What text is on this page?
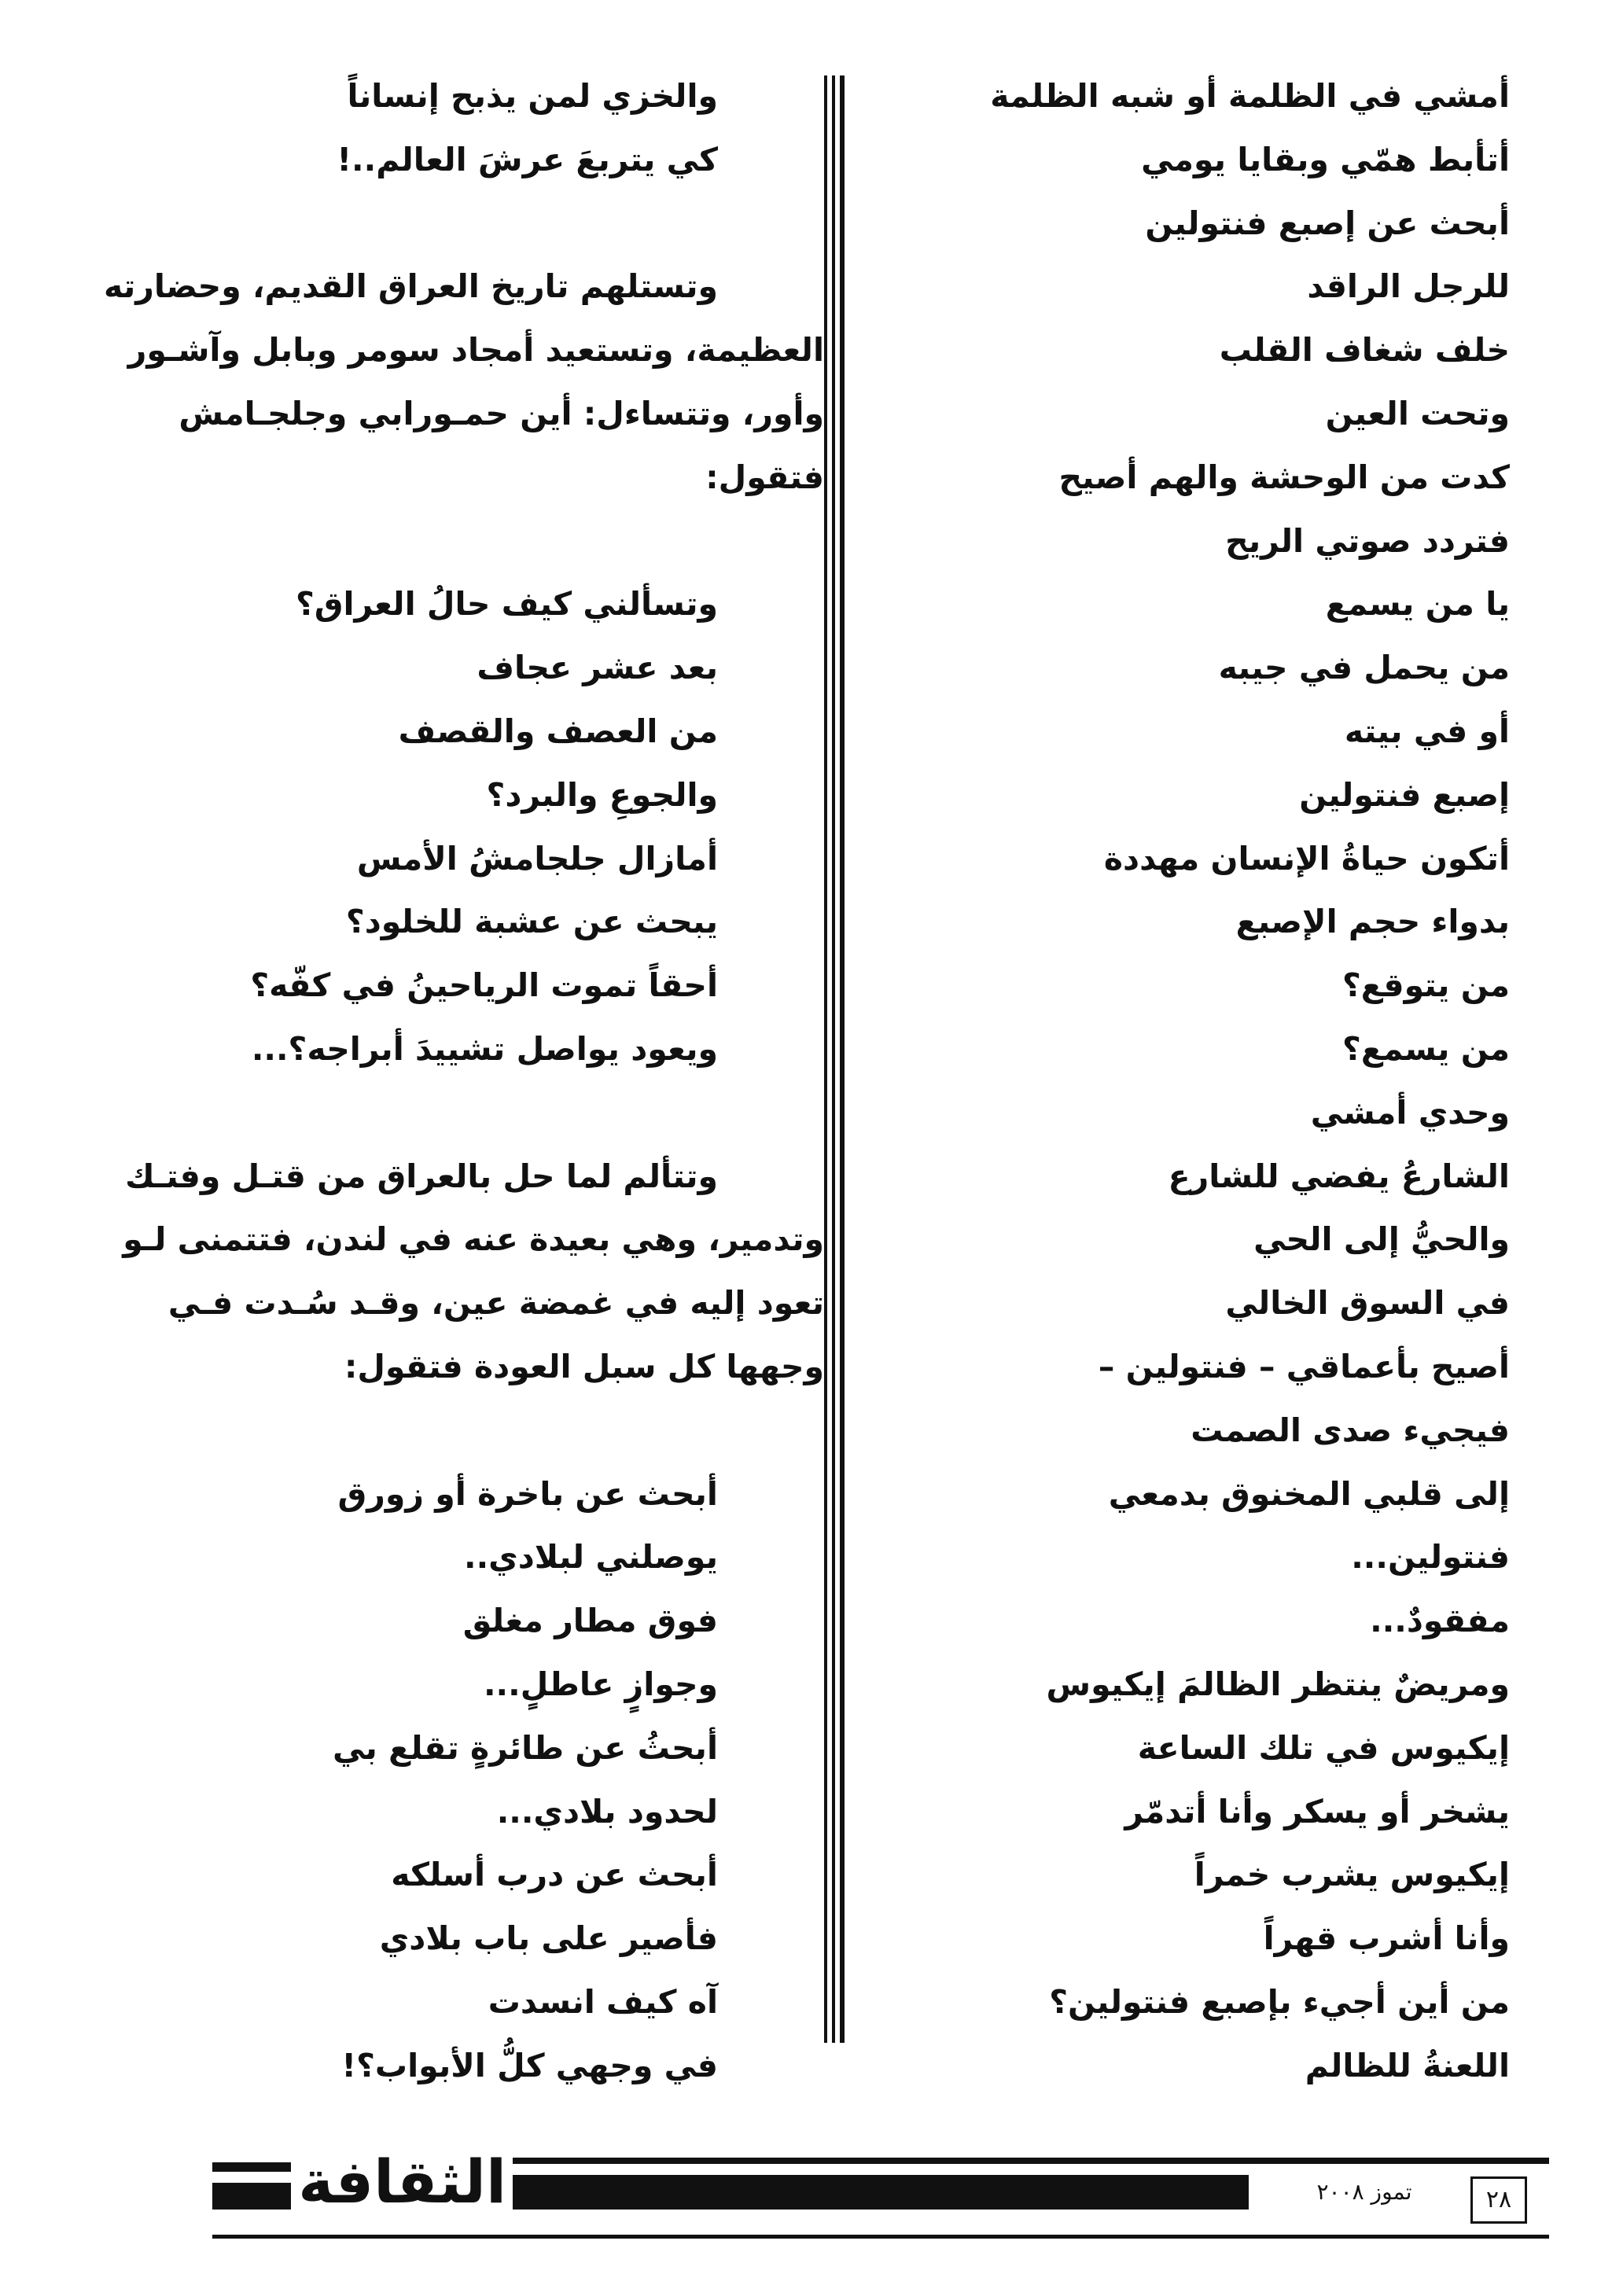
أمشي في الظلمة أو شبه الظلمة
أتأبط همّي وبقايا يومي
أبحث عن إصبع فنتولين
للرجل الراقد
خلف شغاف القلب
وتحت العين
كدت من الوحشة والهم أصيح
فتردد صوتي الريح
يا من يسمع
من يحمل في جيبه
أو في بيته
إصبع فنتولين
أتكون حياةُ الإنسان مهددة
بدواء حجم الإصبع
من يتوقع؟
من يسمع؟
وحدي أمشي
الشارعُ يفضي للشارع
والحيُّ إلى الحي
في السوق الخالي
أصيح بأعماقي – فنتولين –
فيجيء صدى الصمت
إلى قلبي المخنوق بدمعي
فنتولين...
مفقودٌ...
ومريضٌ ينتظر الظالمَ إيكيوس
إيكيوس في تلك الساعة
يشخر أو يسكر وأنا أتدمّر
إيكيوس يشرب خمراً
وأنا أشرب قهراً
من أين أجيء بإصبع فنتولين؟
اللعنةُ للظالم
والخزي لمن يذبح إنساناً
كي يتربعَ عرشَ العالم..!
وتستلهم تاريخ العراق القديم، وحضارته
العظيمة، وتستعيد أمجاد سومر وبابل وآشـور
وأور، وتتساءل: أين حمـورابي وجلجـامش
فتقول:
وتسألني كيف حالُ العراق؟
بعد عشر عجاف
من العصف والقصف
والجوعِ والبرد؟
أمازال جلجامشُ الأمس
يبحث عن عشبة للخلود؟
أحقاً تموت الرياحينُ في كفّه؟
ويعود يواصل تشييدَ أبراجه؟...
وتتألم لما حل بالعراق من قتـل وفتـك
وتدمير، وهي بعيدة عنه في لندن، فتتمنى لـو
تعود إليه في غمضة عين، وقـد سُـدت فـي
وجهها كل سبل العودة فتقول:
أبحث عن باخرة أو زورق
يوصلني لبلادي..
فوق مطار مغلق
وجوازٍ عاطلٍ...
أبحثُ عن طائرةٍ تقلع بي
لحدود بلادي...
أبحث عن درب أسلكه
فأصير على باب بلادي
آه كيف انسدت
في وجهي كلُّ الأبواب؟!
الثقافة	تموز ٢٠٠٨	٢٨
